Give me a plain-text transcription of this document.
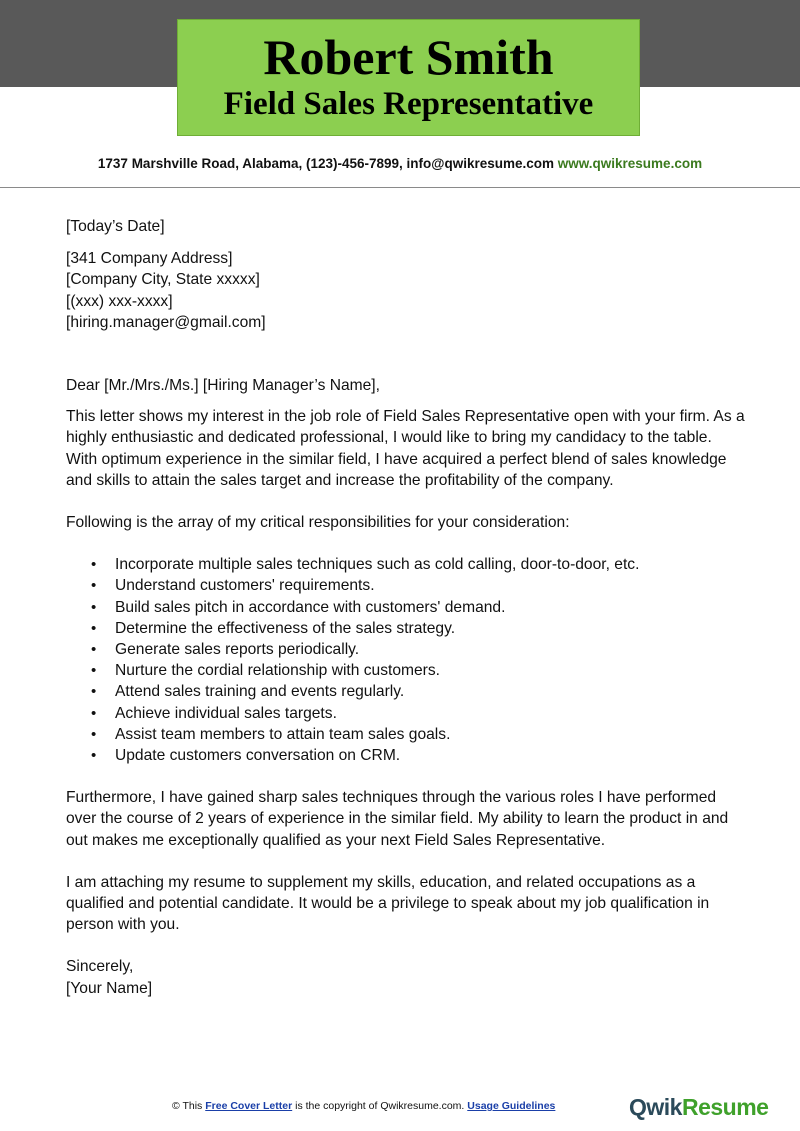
Robert Smith
Field Sales Representative
1737 Marshville Road, Alabama, (123)-456-7899, info@qwikresume.com www.qwikresume.com

[Today’s Date]

[341 Company Address]

[Company City, State xxxxx]

[(xxx) xxx-xxxx]

[hiring.manager@gmail.com]

Dear [Mr./Mrs./Ms.] [Hiring Manager’s Name],

This letter shows my interest in the job role of Field Sales Representative open with your firm. As a highly enthusiastic and dedicated professional, I would like to bring my candidacy to the table. With optimum experience in the similar field, I have acquired a perfect blend of sales knowledge and skills to attain the sales target and increase the profitability of the company.

Following is the array of my critical responsibilities for your consideration:

• Incorporate multiple sales techniques such as cold calling, door-to-door, etc.
• Understand customers' requirements.
• Build sales pitch in accordance with customers' demand.
• Determine the effectiveness of the sales strategy.
• Generate sales reports periodically.
• Nurture the cordial relationship with customers.
• Attend sales training and events regularly.
• Achieve individual sales targets.
• Assist team members to attain team sales goals.
• Update customers conversation on CRM.

Furthermore, I have gained sharp sales techniques through the various roles I have performed over the course of 2 years of experience in the similar field. My ability to learn the product in and out makes me exceptionally qualified as your next Field Sales Representative.

I am attaching my resume to supplement my skills, education, and related occupations as a qualified and potential candidate. It would be a privilege to speak about my job qualification in person with you.

Sincerely,

[Your Name]

© This Free Cover Letter is the copyright of Qwikresume.com. Usage Guidelines	QwikResume
